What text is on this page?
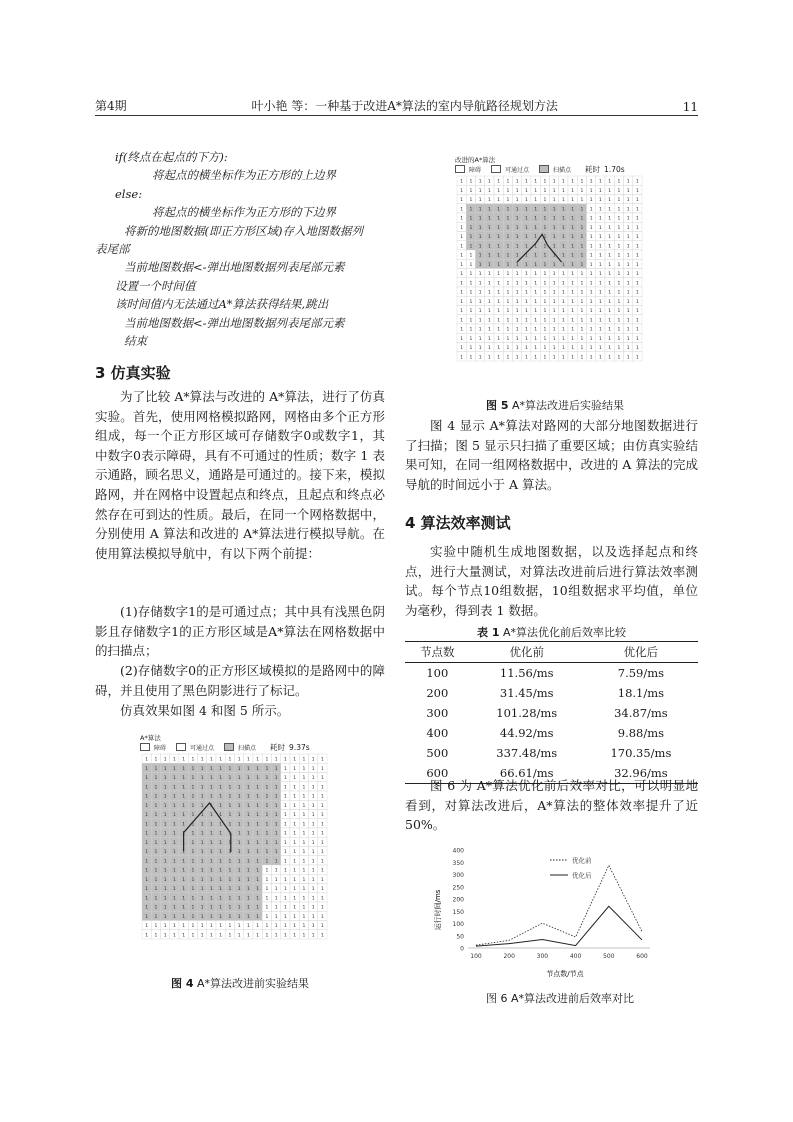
第4期	叶小艳 等：一种基于改进A*算法的室内导航路径规划方法	11
if(终点在起点的下方):
将起点的横坐标作为正方形的上边界
else:
将起点的横坐标作为正方形的下边界
将新的地图数据(即正方形区域)存入地图数据列
表尾部
当前地图数据<-弹出地图数据列表尾部元素
设置一个时间值
该时间值内无法通过A*算法获得结果,跳出
当前地图数据<-弹出地图数据列表尾部元素
结束
3 仿真实验
为了比较 A*算法与改进的 A*算法，进行了仿真实验。首先，使用网格模拟路网，网格由多个正方形组成，每一个正方形区域可存储数字0或数字1，其中数字0表示障碍，具有不可通过的性质；数字 1 表示通路，顾名思义，通路是可通过的。接下来，模拟路网，并在网格中设置起点和终点，且起点和终点必然存在可到达的性质。最后，在同一个网格数据中，分别使用 A 算法和改进的 A*算法进行模拟导航。在使用算法模拟导航中，有以下两个前提：
(1)存储数字1的是可通过点；其中具有浅黑色阴影且存储数字1的正方形区域是A*算法在网格数据中的扫描点；
(2)存储数字0的正方形区域模拟的是路网中的障碍，并且使用了黑色阴影进行了标记。
仿真效果如图 4 和图 5 所示。
A*算法
障碍	可通过点	扫描点 耗时 9.37s
1 1 1 1 1 1 1 1 1 1 1 1 1 1 1 1 1 1 1 1
1 1 1 1 1 1 1 1 1 1 1 1 1 1 1 1 1 1 1 1
1 1 1 1 1 1 1 1 1 1 1 1 1 1 1 1 1 1 1 1
1 1 1 1 1 1 1 1 1 1 1 1 1 1 1 1 1 1 1 1
1 1 1 1 1 1 1 1 1 1 1 1 1 1 1 1 1 1 1 1
1 1 1 1 1 1 1 1 1 1 1 1 1 1 1 1 1 1 1 1
1 1 1 1 1 1 1 1 1 1 1 1 1 1 1 1 1 1 1 1
1 1 1 1 1 1 1 1 1 1 1 1 1 1 1 1 1 1 1 1
1 1 1 1 1 1 1 1 1 1 1 1 1 1 1 1 1 1 1 1
1 1 1 1 1 1 1 1 1 1 1 1 1 1 1 1 1 1 1 1
1 1 1 1 1 1 1 1 1 1 1 1 1 1 1 1 1 1 1 1
1 1 1 1 1 1 1 1 1 1 1 1 1 1 1 1 1 1 1 1
1 1 1 1 1 1 1 1 1 1 1 1 1 1 1 1 1 1 1 1
1 1 1 1 1 1 1 1 1 1 1 1 1 1 1 1 1 1 1 1
1 1 1 1 1 1 1 1 1 1 1 1 1 1 1 1 1 1 1 1
1 1 1 1 1 1 1 1 1 1 1 1 1 1 1 1 1 1 1 1
1 1 1 1 1 1 1 1 1 1 1 1 1 1 1 1 1 1 1 1
1 1 1 1 1 1 1 1 1 1 1 1 1 1 1 1 1 1 1 1
1 1 1 1 1 1 1 1 1 1 1 1 1 1 1 1 1 1 1 1
1 1 1 1 1 1 1 1 1 1 1 1 1 1 1 1 1 1 1 1
图 4 A*算法改进前实验结果
改进的A*算法
障碍	可通过点	扫描点 耗时 1.70s
1 1 1 1 1 1 1 1 1 1 1 1 1 1 1 1 1 1 1 1
1 1 1 1 1 1 1 1 1 1 1 1 1 1 1 1 1 1 1 1
1 1 1 1 1 1 1 1 1 1 1 1 1 1 1 1 1 1 1 1
1 1 1 1 1 1 1 1 1 1 1 1 1 1 1 1 1 1 1 1
1 1 1 1 1 1 1 1 1 1 1 1 1 1 1 1 1 1 1 1
1 1 1 1 1 1 1 1 1 1 1 1 1 1 1 1 1 1 1 1
1 1 1 1 1 1 1 1 1 1 1 1 1 1 1 1 1 1 1 1
1 1 1 1 1 1 1 1 1 1 1 1 1 1 1 1 1 1 1 1
1 1 1 1 1 1 1 1 1 1 1 1 1 1 1 1 1 1 1 1
1 1 1 1 1 1 1 1 1 1 1 1 1 1 1 1 1 1 1 1
1 1 1 1 1 1 1 1 1 1 1 1 1 1 1 1 1 1 1 1
1 1 1 1 1 1 1 1 1 1 1 1 1 1 1 1 1 1 1 1
1 1 1 1 1 1 1 1 1 1 1 1 1 1 1 1 1 1 1 1
1 1 1 1 1 1 1 1 1 1 1 1 1 1 1 1 1 1 1 1
1 1 1 1 1 1 1 1 1 1 1 1 1 1 1 1 1 1 1 1
1 1 1 1 1 1 1 1 1 1 1 1 1 1 1 1 1 1 1 1
1 1 1 1 1 1 1 1 1 1 1 1 1 1 1 1 1 1 1 1
1 1 1 1 1 1 1 1 1 1 1 1 1 1 1 1 1 1 1 1
1 1 1 1 1 1 1 1 1 1 1 1 1 1 1 1 1 1 1 1
1 1 1 1 1 1 1 1 1 1 1 1 1 1 1 1 1 1 1 1
图 5 A*算法改进后实验结果
图 4 显示 A*算法对路网的大部分地图数据进行了扫描；图 5 显示只扫描了重要区域；由仿真实验结果可知，在同一组网格数据中，改进的 A 算法的完成导航的时间远小于 A 算法。
4 算法效率测试
实验中随机生成地图数据，以及选择起点和终点，进行大量测试，对算法改进前后进行算法效率测试。每个节点10组数据，10组数据求平均值，单位为毫秒，得到表 1 数据。
表 1 A*算法优化前后效率比较
节点数	优化前	优化后
100	11.56/ms	7.59/ms
200	31.45/ms	18.1/ms
300	101.28/ms	34.87/ms
400	44.92/ms	9.88/ms
500	337.48/ms	170.35/ms
600	66.61/ms	32.96/ms
图 6 为 A*算法优化前后效率对比，可以明显地看到，对算法改进后，A*算法的整体效率提升了近 50%。
0
50
100
150
200
250
300
350
400
100	200	300	400	500	600
优化前
优化后
节点数/节点
运行时间/ms
图 6 A*算法改进前后效率对比
